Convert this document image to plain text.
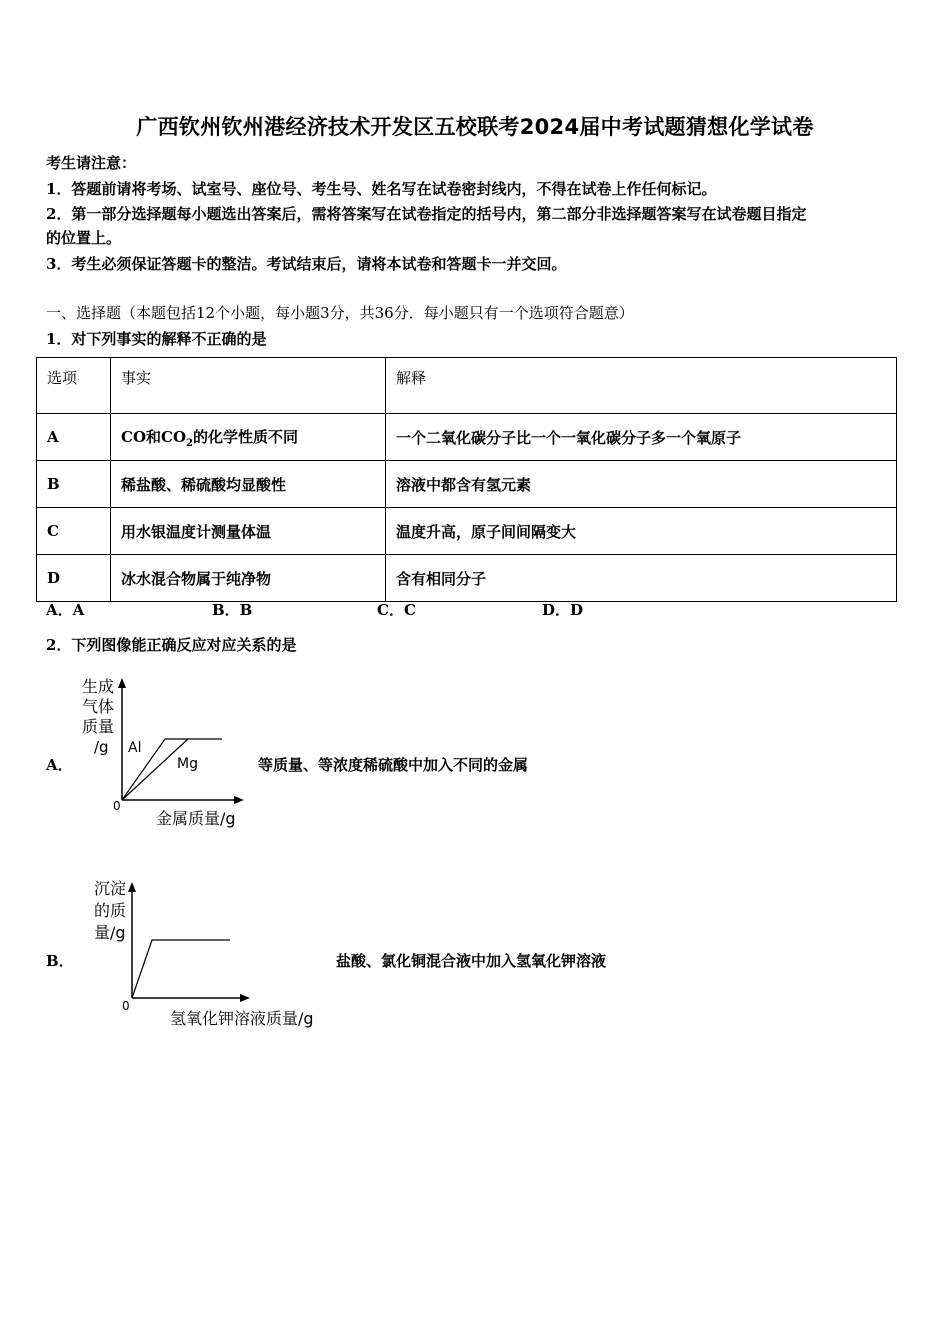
广西钦州钦州港经济技术开发区五校联考2024届中考试题猜想化学试卷
考生请注意：
1．答题前请将考场、试室号、座位号、考生号、姓名写在试卷密封线内，不得在试卷上作任何标记。
2．第一部分选择题每小题选出答案后，需将答案写在试卷指定的括号内，第二部分非选择题答案写在试卷题目指定
的位置上。
3．考生必须保证答题卡的整洁。考试结束后，请将本试卷和答题卡一并交回。
一、选择题（本题包括12个小题，每小题3分，共36分．每小题只有一个选项符合题意）
1．对下列事实的解释不正确的是
选项	事实	解释
A	CO和$CO_2$的化学性质不同	一个二氧化碳分子比一个一氧化碳分子多一个氧原子
B	稀盐酸、稀硫酸均显酸性	溶液中都含有氢元素
C	用水银温度计测量体温	温度升高，原子间间隔变大
D	冰水混合物属于纯净物	含有相同分子
A．A	B．B	C．C	D．D
2．下列图像能正确反应对应关系的是
A．
生成
气体
质量
/g
0
Al
Mg
金属质量/g
等质量、等浓度稀硫酸中加入不同的金属
B．
沉淀
的质
量/g
0
氢氧化钾溶液质量/g
盐酸、氯化铜混合液中加入氢氧化钾溶液
